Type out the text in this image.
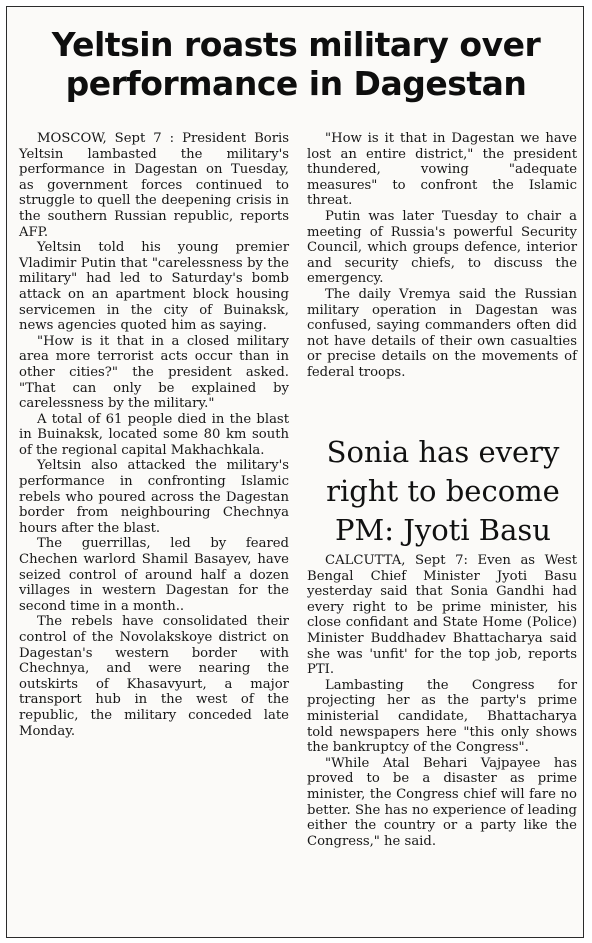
Yeltsin roasts military over performance in Dagestan

MOSCOW, Sept 7 : President Boris Yeltsin lambasted the military's performance in Dagestan on Tuesday, as government forces continued to struggle to quell the deepening crisis in the southern Russian republic, reports AFP.

Yeltsin told his young premier Vladimir Putin that "carelessness by the military" had led to Saturday's bomb attack on an apartment block housing servicemen in the city of Buinaksk, news agencies quoted him as saying.

"How is it that in a closed military area more terrorist acts occur than in other cities?" the president asked. "That can only be explained by carelessness by the military."

A total of 61 people died in the blast in Buinaksk, located some 80 km south of the regional capital Makhachkala.

Yeltsin also attacked the military's performance in confronting Islamic rebels who poured across the Dagestan border from neighbouring Chechnya hours after the blast.

The guerrillas, led by feared Chechen warlord Shamil Basayev, have seized control of around half a dozen villages in western Dagestan for the second time in a month..

The rebels have consolidated their control of the Novolakskoye district on Dagestan's western border with Chechnya, and were nearing the outskirts of Khasavyurt, a major transport hub in the west of the republic, the military conceded late Monday.

"How is it that in Dagestan we have lost an entire district," the president thundered, vowing "adequate measures" to confront the Islamic threat.

Putin was later Tuesday to chair a meeting of Russia's powerful Security Council, which groups defence, interior and security chiefs, to discuss the emergency.

The daily Vremya said the Russian military operation in Dagestan was confused, saying commanders often did not have details of their own casualties or precise details on the movements of federal troops.

Sonia has every right to become PM: Jyoti Basu

CALCUTTA, Sept 7: Even as West Bengal Chief Minister Jyoti Basu yesterday said that Sonia Gandhi had every right to be prime minister, his close confidant and State Home (Police) Minister Buddhadev Bhattacharya said she was 'unfit' for the top job, reports PTI.

Lambasting the Congress for projecting her as the party's prime ministerial candidate, Bhattacharya told newspapers here "this only shows the bankruptcy of the Congress".

"While Atal Behari Vajpayee has proved to be a disaster as prime minister, the Congress chief will fare no better. She has no experience of leading either the country or a party like the Congress," he said.
